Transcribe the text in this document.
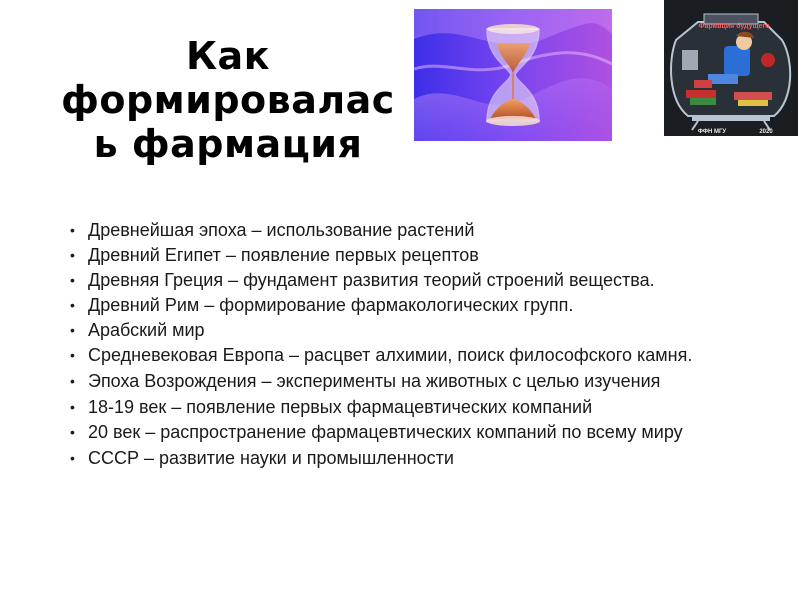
Как
формировалас
ь фармация
Фармация будущего
ФФН МГУ	2020
• Древнейшая эпоха – использование растений
• Древний Египет – появление первых рецептов
• Древняя Греция – фундамент развития теорий строений вещества.
• Древний Рим – формирование фармакологических групп.
• Арабский мир
• Средневековая Европа – расцвет алхимии, поиск философского камня.
• Эпоха Возрождения – эксперименты на животных с целью изучения
• 18-19 век – появление первых фармацевтических компаний
• 20 век – распространение фармацевтических компаний по всему миру
• СССР – развитие науки и промышленности
